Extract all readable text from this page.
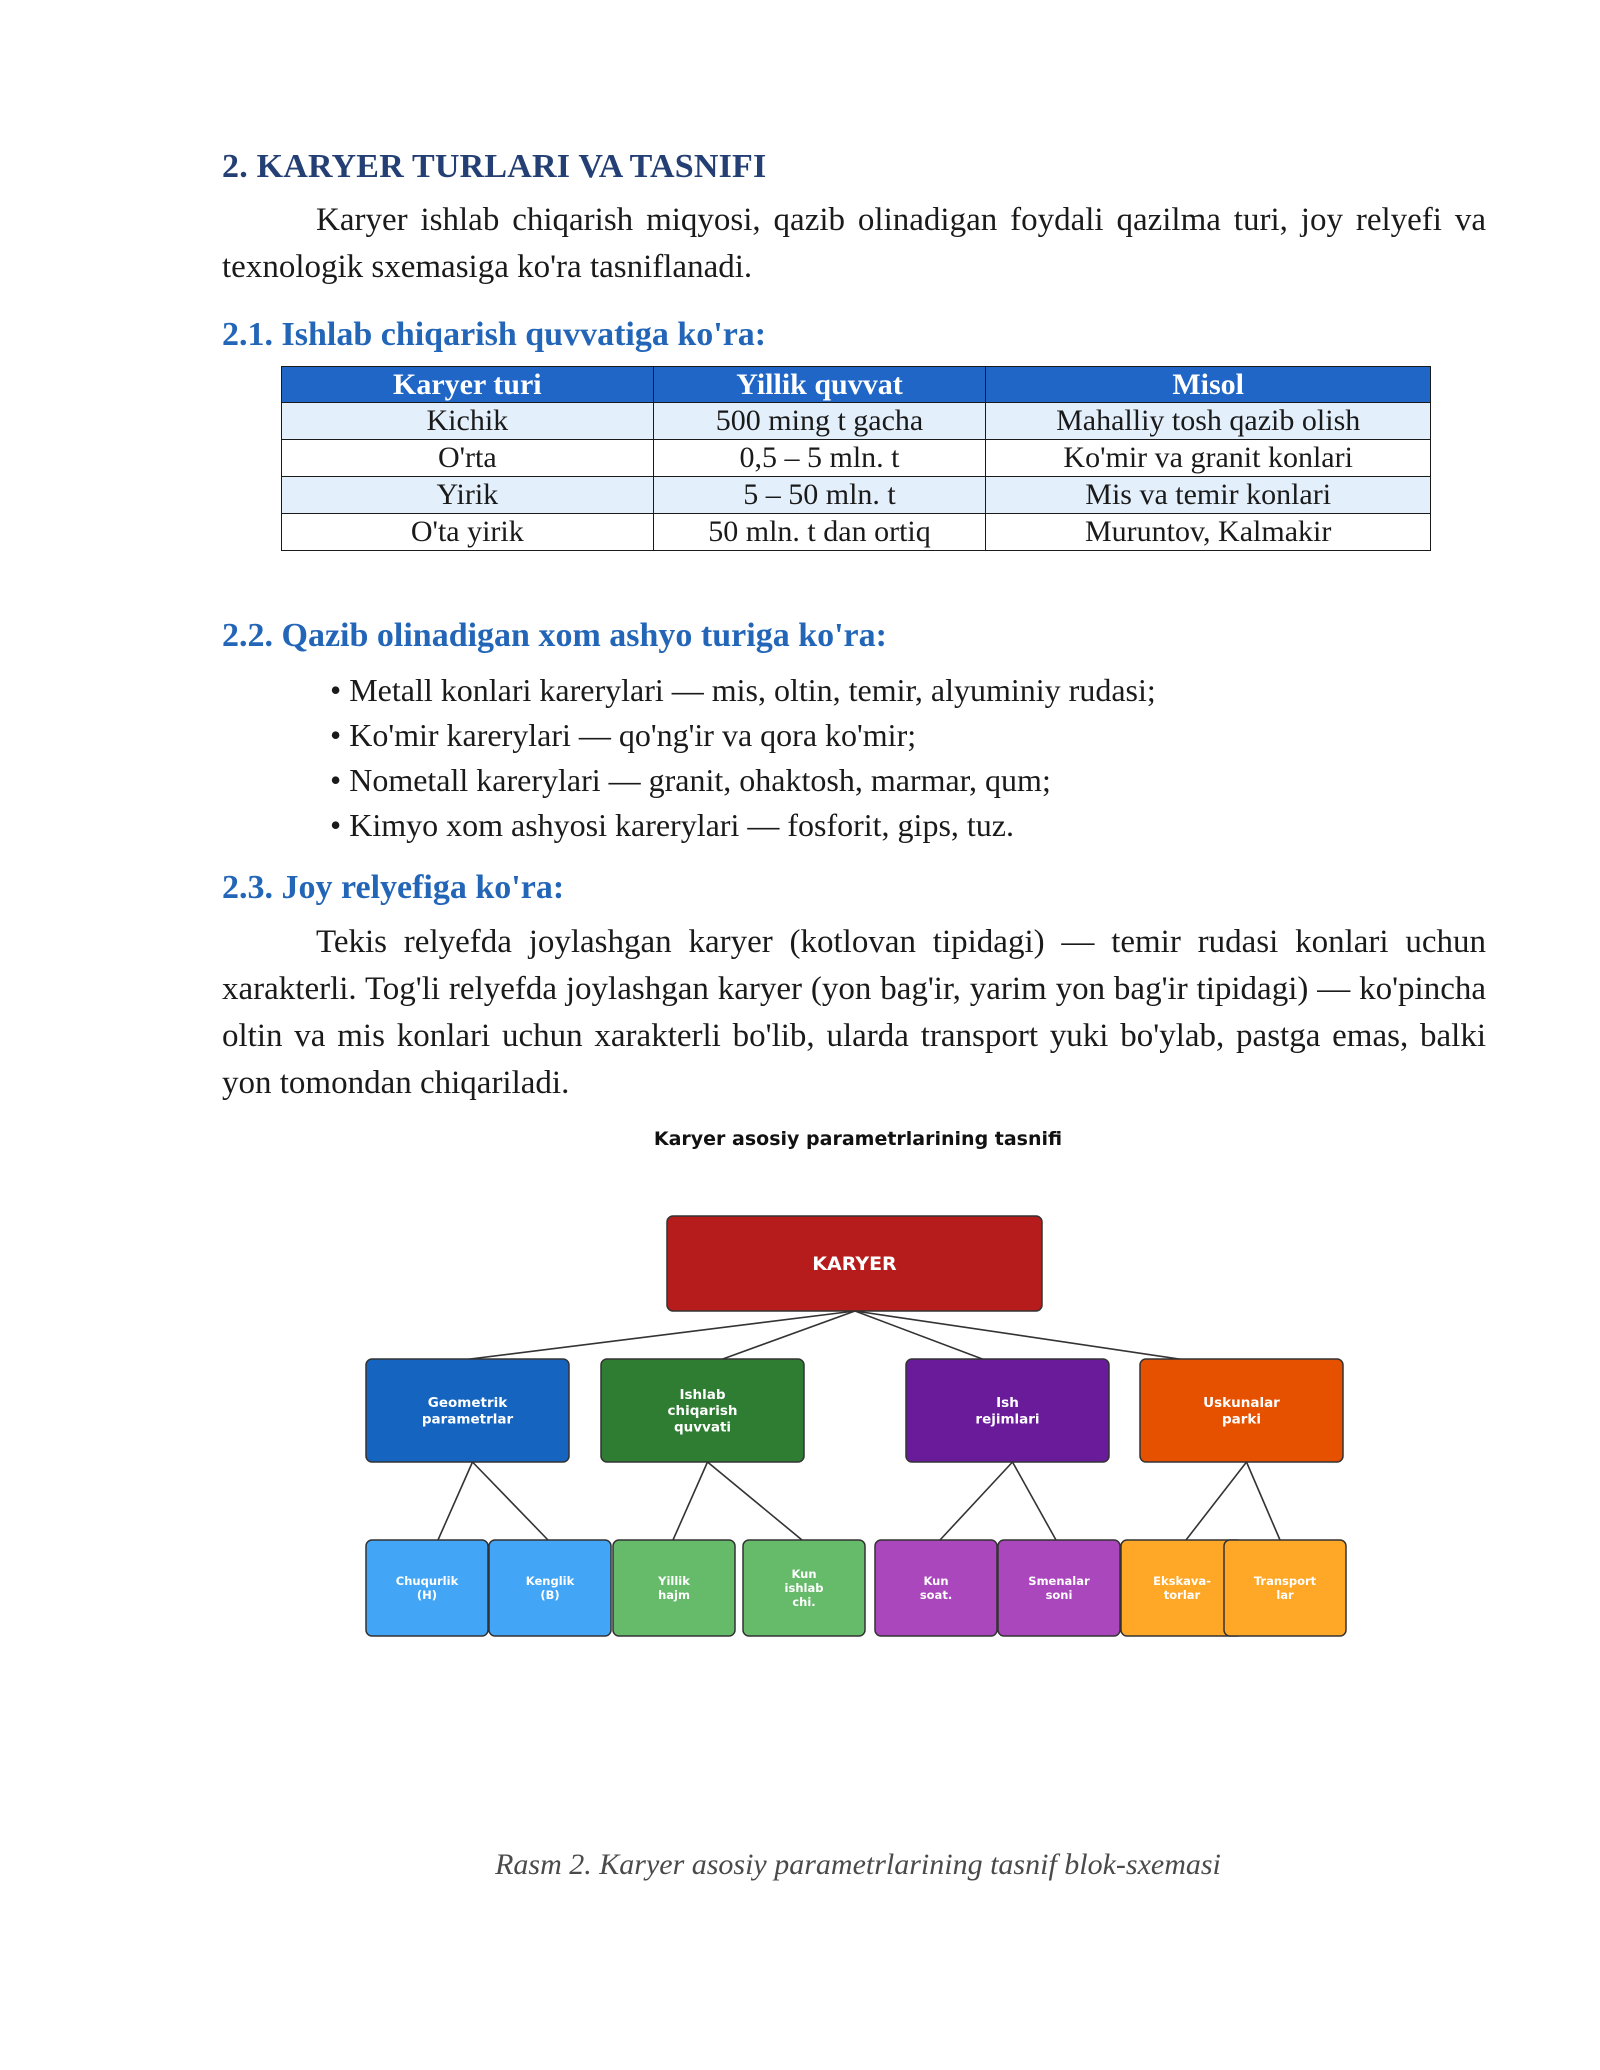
2. KARYER TURLARI VA TASNIFI
Karyer ishlab chiqarish miqyosi, qazib olinadigan foydali qazilma turi, joy relyefi va texnologik sxemasiga ko'ra tasniflanadi.
2.1. Ishlab chiqarish quvvatiga ko'ra:
Karyer turi	Yillik quvvat	Misol
Kichik	500 ming t gacha	Mahalliy tosh qazib olish
O'rta	0,5 – 5 mln. t	Ko'mir va granit konlari
Yirik	5 – 50 mln. t	Mis va temir konlari
O'ta yirik	50 mln. t dan ortiq	Muruntov, Kalmakir
2.2. Qazib olinadigan xom ashyo turiga ko'ra:
• Metall konlari karerylari — mis, oltin, temir, alyuminiy rudasi;
• Ko'mir karerylari — qo'ng'ir va qora ko'mir;
• Nometall karerylari — granit, ohaktosh, marmar, qum;
• Kimyo xom ashyosi karerylari — fosforit, gips, tuz.
2.3. Joy relyefiga ko'ra:
Tekis relyefda joylashgan karyer (kotlovan tipidagi) — temir rudasi konlari uchun xarakterli. Tog'li relyefda joylashgan karyer (yon bag'ir, yarim yon bag'ir tipidagi) — ko'pincha oltin va mis konlari uchun xarakterli bo'lib, ularda transport yuki bo'ylab, pastga emas, balki yon tomondan chiqariladi.
Karyer asosiy parametrlarining tasnifi
KARYER
Geometrik
parametrlar
Chuqurlik
(H)
Kenglik
(B)
Ishlab
chiqarish
quvvati
Yillik
hajm
Kun
ishlab
chi.
Ish
rejimlari
Kun
soat.
Smenalar
soni
Uskunalar
parki
Ekskava-
torlar
Transport
lar
Rasm 2. Karyer asosiy parametrlarining tasnif blok-sxemasi
